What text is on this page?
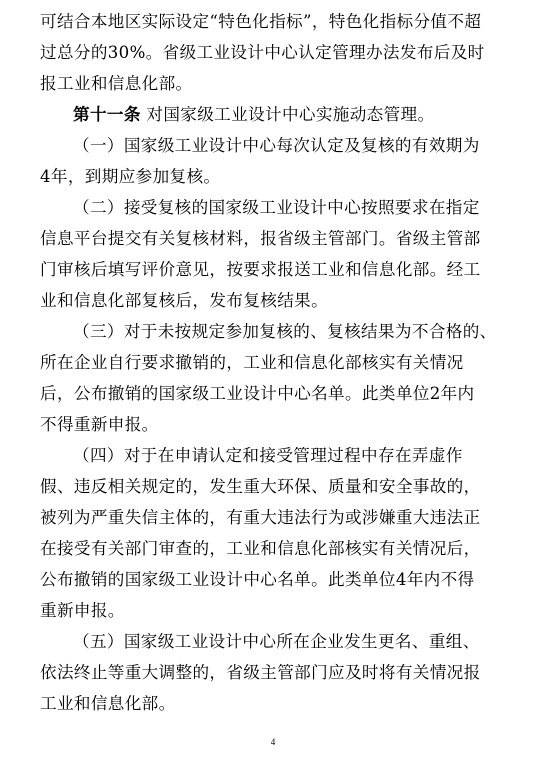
可结合本地区实际设定“特色化指标”，特色化指标分值不超
过总分的30%。省级工业设计中心认定管理办法发布后及时
报工业和信息化部。
第十一条 对国家级工业设计中心实施动态管理。
（一）国家级工业设计中心每次认定及复核的有效期为
4年，到期应参加复核。
（二）接受复核的国家级工业设计中心按照要求在指定
信息平台提交有关复核材料，报省级主管部门。省级主管部
门审核后填写评价意见，按要求报送工业和信息化部。经工
业和信息化部复核后，发布复核结果。
（三）对于未按规定参加复核的、复核结果为不合格的、
所在企业自行要求撤销的，工业和信息化部核实有关情况
后，公布撤销的国家级工业设计中心名单。此类单位2年内
不得重新申报。
（四）对于在申请认定和接受管理过程中存在弄虚作
假、违反相关规定的，发生重大环保、质量和安全事故的，
被列为严重失信主体的，有重大违法行为或涉嫌重大违法正
在接受有关部门审查的，工业和信息化部核实有关情况后，
公布撤销的国家级工业设计中心名单。此类单位4年内不得
重新申报。
（五）国家级工业设计中心所在企业发生更名、重组、
依法终止等重大调整的，省级主管部门应及时将有关情况报
工业和信息化部。
4
